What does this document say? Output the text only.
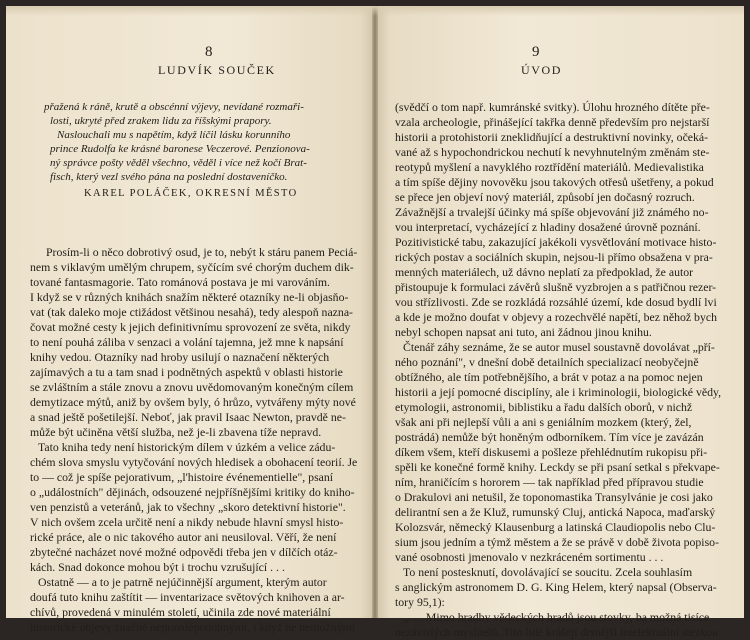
8
LUDVÍK SOUČEK
přažená k ráně, krutě a obscénní výjevy, nevídané rozmaři-
losti, ukryté před zrakem lidu za říšskými prapory.
Naslouchali mu s napětím, když líčil lásku korunního
prince Rudolfa ke krásné baronese Veczerové. Penzionova-
ný správce pošty věděl všechno, věděl i více než kočí Brat-
fisch, který vezl svého pána na poslední dostaveníčko.
KAREL POLÁČEK, OKRESNÍ MĚSTO
Prosím-li o něco dobrotivý osud, je to, nebýt k stáru panem Peciá-
nem s viklavým umělým chrupem, syčícím své chorým duchem dik-
tované fantasmagorie. Tato románová postava je mi varováním.
I když se v různých knihách snažím některé otazníky ne-li objasňo-
vat (tak daleko moje ctižádost většinou nesahá), tedy alespoň nazna-
čovat možné cesty k jejich definitivnímu sprovození ze světa, nikdy
to není pouhá záliba v senzaci a volání tajemna, jež mne k napsání
knihy vedou. Otazníky nad hroby usilují o naznačení některých
zajímavých a tu a tam snad i podnětných aspektů v oblasti historie
se zvláštním a stále znovu a znovu uvědomovaným konečným cílem
demytizace mýtů, aniž by ovšem byly, ó hrůzo, vytvářeny mýty nové
a snad ještě pošetilejší. Neboť, jak pravil Isaac Newton, pravdě ne-
může být učiněna větší služba, než je-li zbavena tíže nepravd.
Tato kniha tedy není historickým dílem v úzkém a velice zádu-
chém slova smyslu vytyčování nových hledisek a obohacení teorií. Je
to — což je spíše pejorativum, „l'histoire événementielle", psaní
o „událostních" dějinách, odsouzené nejpříšnějšími kritiky do kniho-
ven penzistů a veteránů, jak to všechny „skoro detektivní historie".
V nich ovšem zcela určitě není a nikdy nebude hlavní smysl histo-
rické práce, ale o nic takového autor ani neusiloval. Věří, že není
zbytečné nacházet nové možné odpovědi třeba jen v dílčích otáz-
kách. Snad dokonce mohou být i trochu vzrušující . . .
Ostatně — a to je patrně nejúčinnější argument, kterým autor
doufá tuto knihu zaštítit — inventarizace světových knihoven a ar-
chívů, provedená v minulém století, učinila zde nové materiální
historické objevy značně nepravděpodobnými, i když ne nemožnými
9
ÚVOD
(svědčí o tom např. kumránské svitky). Úlohu hrozného dítěte pře-
vzala archeologie, přinášející takřka denně především pro nejstarší
historii a protohistorii zneklidňující a destruktivní novinky, očeká-
vané až s hypochondrickou nechutí k nevyhnutelným změnám ste-
reotypů myšlení a navyklého roztřídění materiálů. Medievalistika
a tím spíše dějiny novověku jsou takových otřesů ušetřeny, a pokud
se přece jen objeví nový materiál, způsobí jen dočasný rozruch.
Závažnější a trvalejší účinky má spíše objevování již známého no-
vou interpretací, vycházející z hladiny dosažené úrovně poznání.
Pozitivistické tabu, zakazující jakékoli vysvětlování motivace histo-
rických postav a sociálních skupin, nejsou-li přímo obsažena v pra-
menných materiálech, už dávno neplatí za předpoklad, že autor
přistoupuje k formulaci závěrů slušně vyzbrojen a s patřičnou rezer-
vou střízlivosti. Zde se rozkládá rozsáhlé území, kde dosud bydlí lvi
a kde je možno doufat v objevy a rozechvělé napětí, bez něhož bych
nebyl schopen napsat ani tuto, ani žádnou jinou knihu.
Čtenář záhy seznáme, že se autor musel soustavně dovolávat „pří-
ného poznání", v dnešní době detailních specializací neobyčejně
obtížného, ale tím potřebnějšího, a brát v potaz a na pomoc nejen
historii a její pomocné disciplíny, ale i kriminologii, biologické vědy,
etymologii, astronomii, biblistiku a řadu dalších oborů, v nichž
však ani při nejlepší vůli a ani s geniálním mozkem (který, žel,
postrádá) nemůže být honěným odborníkem. Tím více je zavázán
díkem všem, kteří diskusemi a pošleze přehlédnutím rukopisu při-
spěli ke konečné formě knihy. Leckdy se při psaní setkal s překvape-
ním, hraničícím s hororem — tak například před přípravou studie
o Drakulovi ani netušil, že toponomastika Transylvánie je cosi jako
delirantní sen a že Kluž, rumunský Cluj, antická Napoca, maďarský
Kolozsvár, německý Klausenburg a latinská Claudiopolis nebo Clu-
sium jsou jedním a týmž městem a že se právě v době života popiso-
vané osobnosti jmenovalo v nezkráceném sortimentu . . .
To není postesknutí, dovolávající se soucitu. Zcela souhlasím
s anglickým astronomem D. G. King Helem, který napsal (Observa-
tory 95,1):
„. . . Mimo hradby vědeckých hradů jsou stovky, ba možná tisíce
nezávislých myslitelů. Tito lidé krášejí drsnější intelektuální stezkou
